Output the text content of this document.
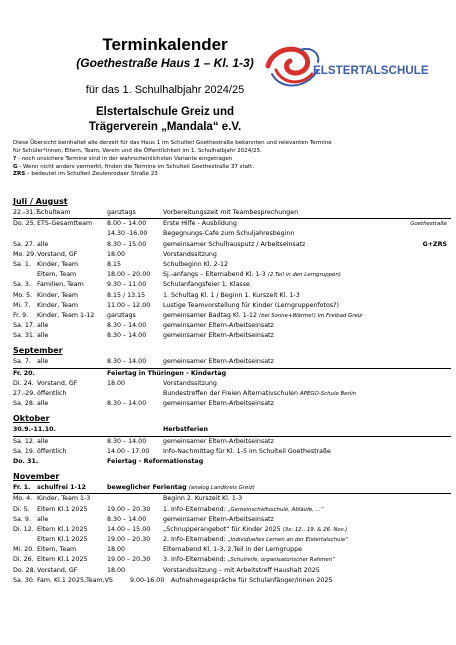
Terminkalender
(Goethestraße Haus 1 – Kl. 1-3)
für das 1. Schulhalbjahr 2024/25
Elstertalschule Greiz und
Trägerverein „Mandala“ e.V.
ELSTERTALSCHULE
Diese Übersicht beinhaltet alle derzeit für das Haus 1 im Schulteil Goethestraße bekannten und relevanten Termine
für Schüler*innen, Eltern, Team, Verein und die Öffentlichkeit im 1. Schulhalbjahr 2024/25.
? - noch unsichere Termine sind in der wahrscheinlichsten Variante eingetragen
G - Wenn nicht anders vermerkt, finden die Termine im Schulteil Goethestraße 37 statt.
ZRS – bedeutet im Schulteil Zeulenrodaer Straße 23
Juli / August
22.-31.7.
Schulteam	ganztags	Vorbereitungszeit mit Teambesprechungen
Do. 25. ETS-Gesamtteam 8.00 – 14.00	Erste Hilfe - Ausbildung	Goethestraße
14.30 -16.00 Begegnungs-Cafe zum Schuljahresbeginn
Sa. 27. alle	8.30 – 15.00	gemeinsamer Schulhausputz / Arbeitseinsatz	G+ZRS
Mo. 29. Vorstand, GF	18.00	Vorstandssitzung
Sa. 1. Kinder, Team	8.15	Schulbeginn Kl. 2-12
Eltern, Team	18.00 – 20.00 Sj.-anfangs – Elternabend Kl. 1-3 (2.Teil in den Lerngruppen)
Sa. 3. Familien, Team	9.30 – 11.00	Schulanfangsfeier 1. Klasse
Mo. 5. Kinder, Team	8.15 / 13.15	1. Schultag Kl. 1 / Beginn 1. Kurszeit Kl. 1-3
Mi. 7. Kinder, Team	11.00 – 12.00 Lustige Teamvorstellung für Kinder (Lerngruppenfotos?)
Fr. 9. Kinder, Team 1-12 ganztags	gemeinsamer Badtag Kl. 1-12 (bei Sonne+Wärme!) im Freibad Greiz
Sa. 17. alle	8.30 – 14.00	gemeinsamer Eltern-Arbeitseinsatz
Sa. 31. alle	8.30 – 14.00	gemeinsamer Eltern-Arbeitseinsatz
September
Sa. 7. alle	8.30 – 14.00	gemeinsamer Eltern-Arbeitseinsatz
Fr. 20.	Feiertag in Thüringen - Kindertag
Di. 24. Vorstand, GF	18.00	Vorstandssitzung
27.-29. öffentlich	Bundestreffen der Freien Alternativschulen APEGO-Schule Berlin
Sa. 28. alle	8.30 – 14.00	gemeinsamer Eltern-Arbeitseinsatz
Oktober
30.9.-11.10.	Herbstferien
Sa. 12. alle	8.30 – 14.00	gemeinsamer Eltern-Arbeitseinsatz
Sa. 19. öffentlich	14.00 - 17.00 Info-Nachmittag für Kl. 1-5 im Schulteil Goethestraße
Do. 31.	Feiertag - Reformationstag
November
Fr. 1. schulfrei 1-12	beweglicher Ferientag (analog Landkreis Greiz)
Mo. 4. Kinder, Team 1-3	Beginn 2. Kurszeit Kl. 1-3
Di. 5. Eltern Kl.1 2025	19.00 – 20.30 1. Info-Elternabend: „Gemeinschaftsschule, Abläufe, ...“
Sa. 9. alle	8.30 – 14.00	gemeinsamer Eltern-Arbeitseinsatz
Di. 12. Eltern Kl.1 2025	14.00 – 15.00 „Schnupperangebot“ für Kinder 2025 (3x: 12., 19. & 26. Nov.)
Eltern Kl.1 2025	19.00 – 20.30 2. Info-Elternabend: „Individuelles Lernen an der Elstertalschule“
Mi. 20. Eltern, Team	18.00	Elternabend Kl. 1-3, 2.Teil in der Lerngruppe
Di. 26. Eltern Kl.1 2025	19.00 – 20.30 3. Info-Elternabend: „Schulreife, organisatorischer Rahmen“
Do. 28. Vorstand, GF	18.00	Vorstandssitzung – mit Arbeitstreff Haushalt 2025
Sa. 30. Fam. Kl.1 2025,Team,VS	9.00-16.00 Aufnahmegespräche für Schulanfänger/innen 2025
